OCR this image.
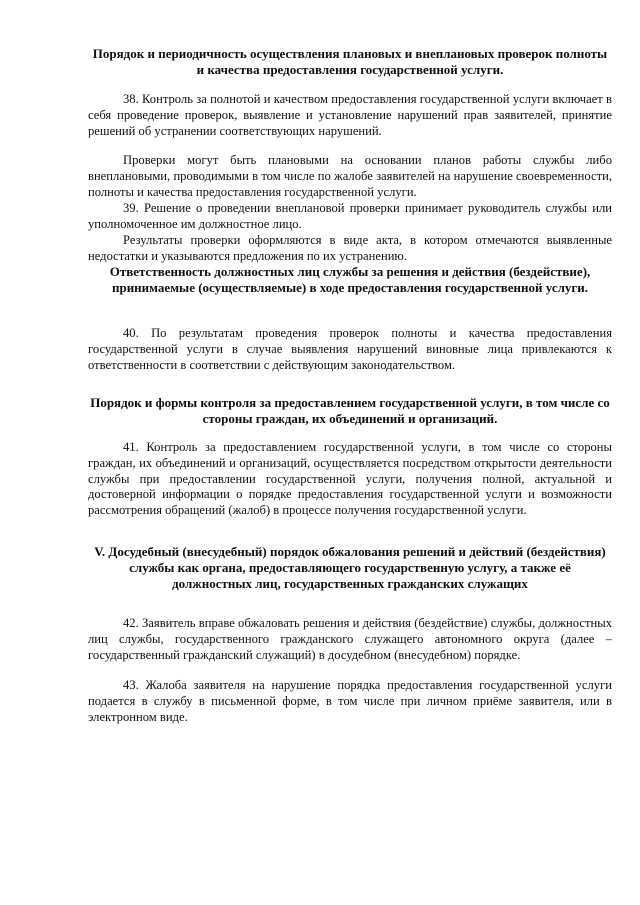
Порядок и периодичность осуществления плановых и внеплановых проверок полноты и качества предоставления государственной услуги.
38. Контроль за полнотой и качеством предоставления государственной услуги включает в себя проведение проверок, выявление и установление нарушений прав заявителей, принятие решений об устранении соответствующих нарушений.
Проверки могут быть плановыми на основании планов работы службы либо внеплановыми, проводимыми в том числе по жалобе заявителей на нарушение своевременности, полноты и качества предоставления государственной услуги.
39. Решение о проведении внеплановой проверки принимает руководитель службы или уполномоченное им должностное лицо.
Результаты проверки оформляются в виде акта, в котором отмечаются выявленные недостатки и указываются предложения по их устранению.
Ответственность должностных лиц службы за решения и действия (бездействие), принимаемые (осуществляемые) в ходе предоставления государственной услуги.
40. По результатам проведения проверок полноты и качества предоставления государственной услуги в случае выявления нарушений виновные лица привлекаются к ответственности в соответствии с действующим законодательством.
Порядок и формы контроля за предоставлением государственной услуги, в том числе со стороны граждан, их объединений и организаций.
41. Контроль за предоставлением государственной услуги, в том числе со стороны граждан, их объединений и организаций, осуществляется посредством открытости деятельности службы при предоставлении государственной услуги, получения полной, актуальной и достоверной информации о порядке предоставления государственной услуги и возможности рассмотрения обращений (жалоб) в процессе получения государственной услуги.
V. Досудебный (внесудебный) порядок обжалования решений и действий (бездействия) службы как органа, предоставляющего государственную услугу, а также её должностных лиц, государственных гражданских служащих
42. Заявитель вправе обжаловать решения и действия (бездействие) службы, должностных лиц службы, государственного гражданского служащего автономного округа (далее – государственный гражданский служащий) в досудебном (внесудебном) порядке.
43. Жалоба заявителя на нарушение порядка предоставления государственной услуги подается в службу в письменной форме, в том числе при личном приёме заявителя, или в электронном виде.
